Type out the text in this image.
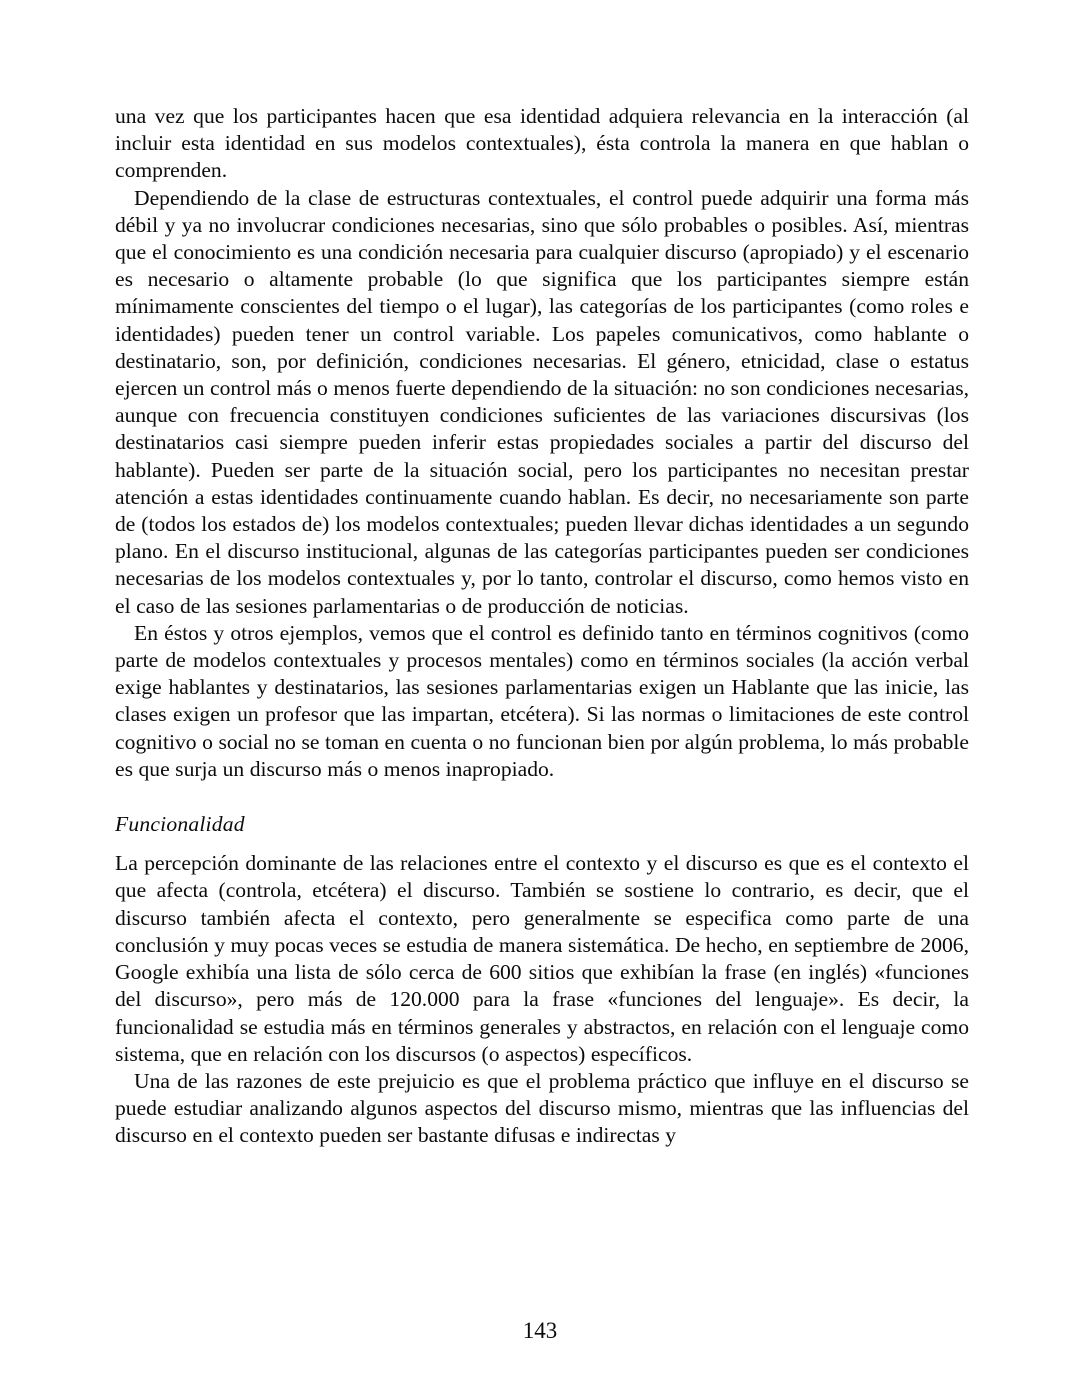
una vez que los participantes hacen que esa identidad adquiera relevancia en la interacción (al incluir esta identidad en sus modelos contextuales), ésta controla la manera en que hablan o comprenden.

Dependiendo de la clase de estructuras contextuales, el control puede adquirir una forma más débil y ya no involucrar condiciones necesarias, sino que sólo probables o posibles. Así, mientras que el conocimiento es una condición necesaria para cualquier discurso (apropiado) y el escenario es necesario o altamente probable (lo que significa que los participantes siempre están mínimamente conscientes del tiempo o el lugar), las categorías de los participantes (como roles e identidades) pueden tener un control variable. Los papeles comunicativos, como hablante o destinatario, son, por definición, condiciones necesarias. El género, etnicidad, clase o estatus ejercen un control más o menos fuerte dependiendo de la situación: no son condiciones necesarias, aunque con frecuencia constituyen condiciones suficientes de las variaciones discursivas (los destinatarios casi siempre pueden inferir estas propiedades sociales a partir del discurso del hablante). Pueden ser parte de la situación social, pero los participantes no necesitan prestar atención a estas identidades continuamente cuando hablan. Es decir, no necesariamente son parte de (todos los estados de) los modelos contextuales; pueden llevar dichas identidades a un segundo plano. En el discurso institucional, algunas de las categorías participantes pueden ser condiciones necesarias de los modelos contextuales y, por lo tanto, controlar el discurso, como hemos visto en el caso de las sesiones parlamentarias o de producción de noticias.

En éstos y otros ejemplos, vemos que el control es definido tanto en términos cognitivos (como parte de modelos contextuales y procesos mentales) como en términos sociales (la acción verbal exige hablantes y destinatarios, las sesiones parlamentarias exigen un Hablante que las inicie, las clases exigen un profesor que las impartan, etcétera). Si las normas o limitaciones de este control cognitivo o social no se toman en cuenta o no funcionan bien por algún problema, lo más probable es que surja un discurso más o menos inapropiado.

Funcionalidad

La percepción dominante de las relaciones entre el contexto y el discurso es que es el contexto el que afecta (controla, etcétera) el discurso. También se sostiene lo contrario, es decir, que el discurso también afecta el contexto, pero generalmente se especifica como parte de una conclusión y muy pocas veces se estudia de manera sistemática. De hecho, en septiembre de 2006, Google exhibía una lista de sólo cerca de 600 sitios que exhibían la frase (en inglés) «funciones del discurso», pero más de 120.000 para la frase «funciones del lenguaje». Es decir, la funcionalidad se estudia más en términos generales y abstractos, en relación con el lenguaje como sistema, que en relación con los discursos (o aspectos) específicos.

Una de las razones de este prejuicio es que el problema práctico que influye en el discurso se puede estudiar analizando algunos aspectos del discurso mismo, mientras que las influencias del discurso en el contexto pueden ser bastante difusas e indirectas y

143
